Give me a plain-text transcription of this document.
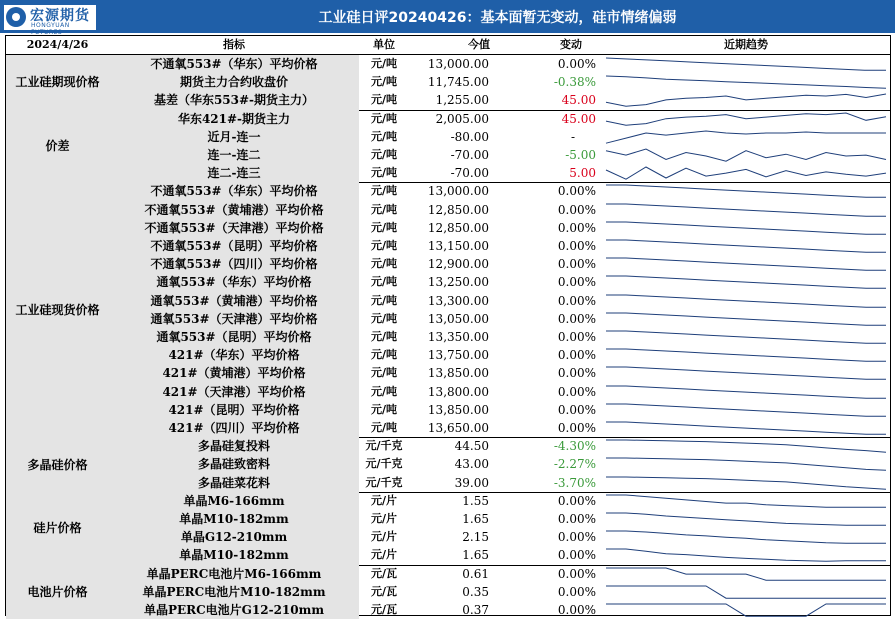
宏源期货
HONGYUAN FUTURES
工业硅日评20240426：基本面暂无变动，硅市情绪偏弱
2024/4/26	指标	单位	今值	变动	近期趋势
工业硅期现价格
不通氧553#（华东）平均价格	元/吨	13,000.00	0.00%
期货主力合约收盘价	元/吨	11,745.00	-0.38%
基差（华东553#-期货主力）	元/吨	1,255.00	45.00
价差
华东421#-期货主力	元/吨	2,005.00	45.00
近月-连一	元/吨	-80.00	-
连一-连二	元/吨	-70.00	-5.00
连二-连三	元/吨	-70.00	5.00
工业硅现货价格
不通氧553#（华东）平均价格	元/吨	13,000.00	0.00%
不通氧553#（黄埔港）平均价格	元/吨	12,850.00	0.00%
不通氧553#（天津港）平均价格	元/吨	12,850.00	0.00%
不通氧553#（昆明）平均价格	元/吨	13,150.00	0.00%
不通氧553#（四川）平均价格	元/吨	12,900.00	0.00%
通氧553#（华东）平均价格	元/吨	13,250.00	0.00%
通氧553#（黄埔港）平均价格	元/吨	13,300.00	0.00%
通氧553#（天津港）平均价格	元/吨	13,050.00	0.00%
通氧553#（昆明）平均价格	元/吨	13,350.00	0.00%
421#（华东）平均价格	元/吨	13,750.00	0.00%
421#（黄埔港）平均价格	元/吨	13,850.00	0.00%
421#（天津港）平均价格	元/吨	13,800.00	0.00%
421#（昆明）平均价格	元/吨	13,850.00	0.00%
421#（四川）平均价格	元/吨	13,650.00	0.00%
多晶硅价格
多晶硅复投料	元/千克	44.50	-4.30%
多晶硅致密料	元/千克	43.00	-2.27%
多晶硅菜花料	元/千克	39.00	-3.70%
硅片价格
单晶M6-166mm	元/片	1.55	0.00%
单晶M10-182mm	元/片	1.65	0.00%
单晶G12-210mm	元/片	2.15	0.00%
单晶M10-182mm	元/片	1.65	0.00%
电池片价格
单晶PERC电池片M6-166mm	元/瓦	0.61	0.00%
单晶PERC电池片M10-182mm	元/瓦	0.35	0.00%
单晶PERC电池片G12-210mm	元/瓦	0.37	0.00%
